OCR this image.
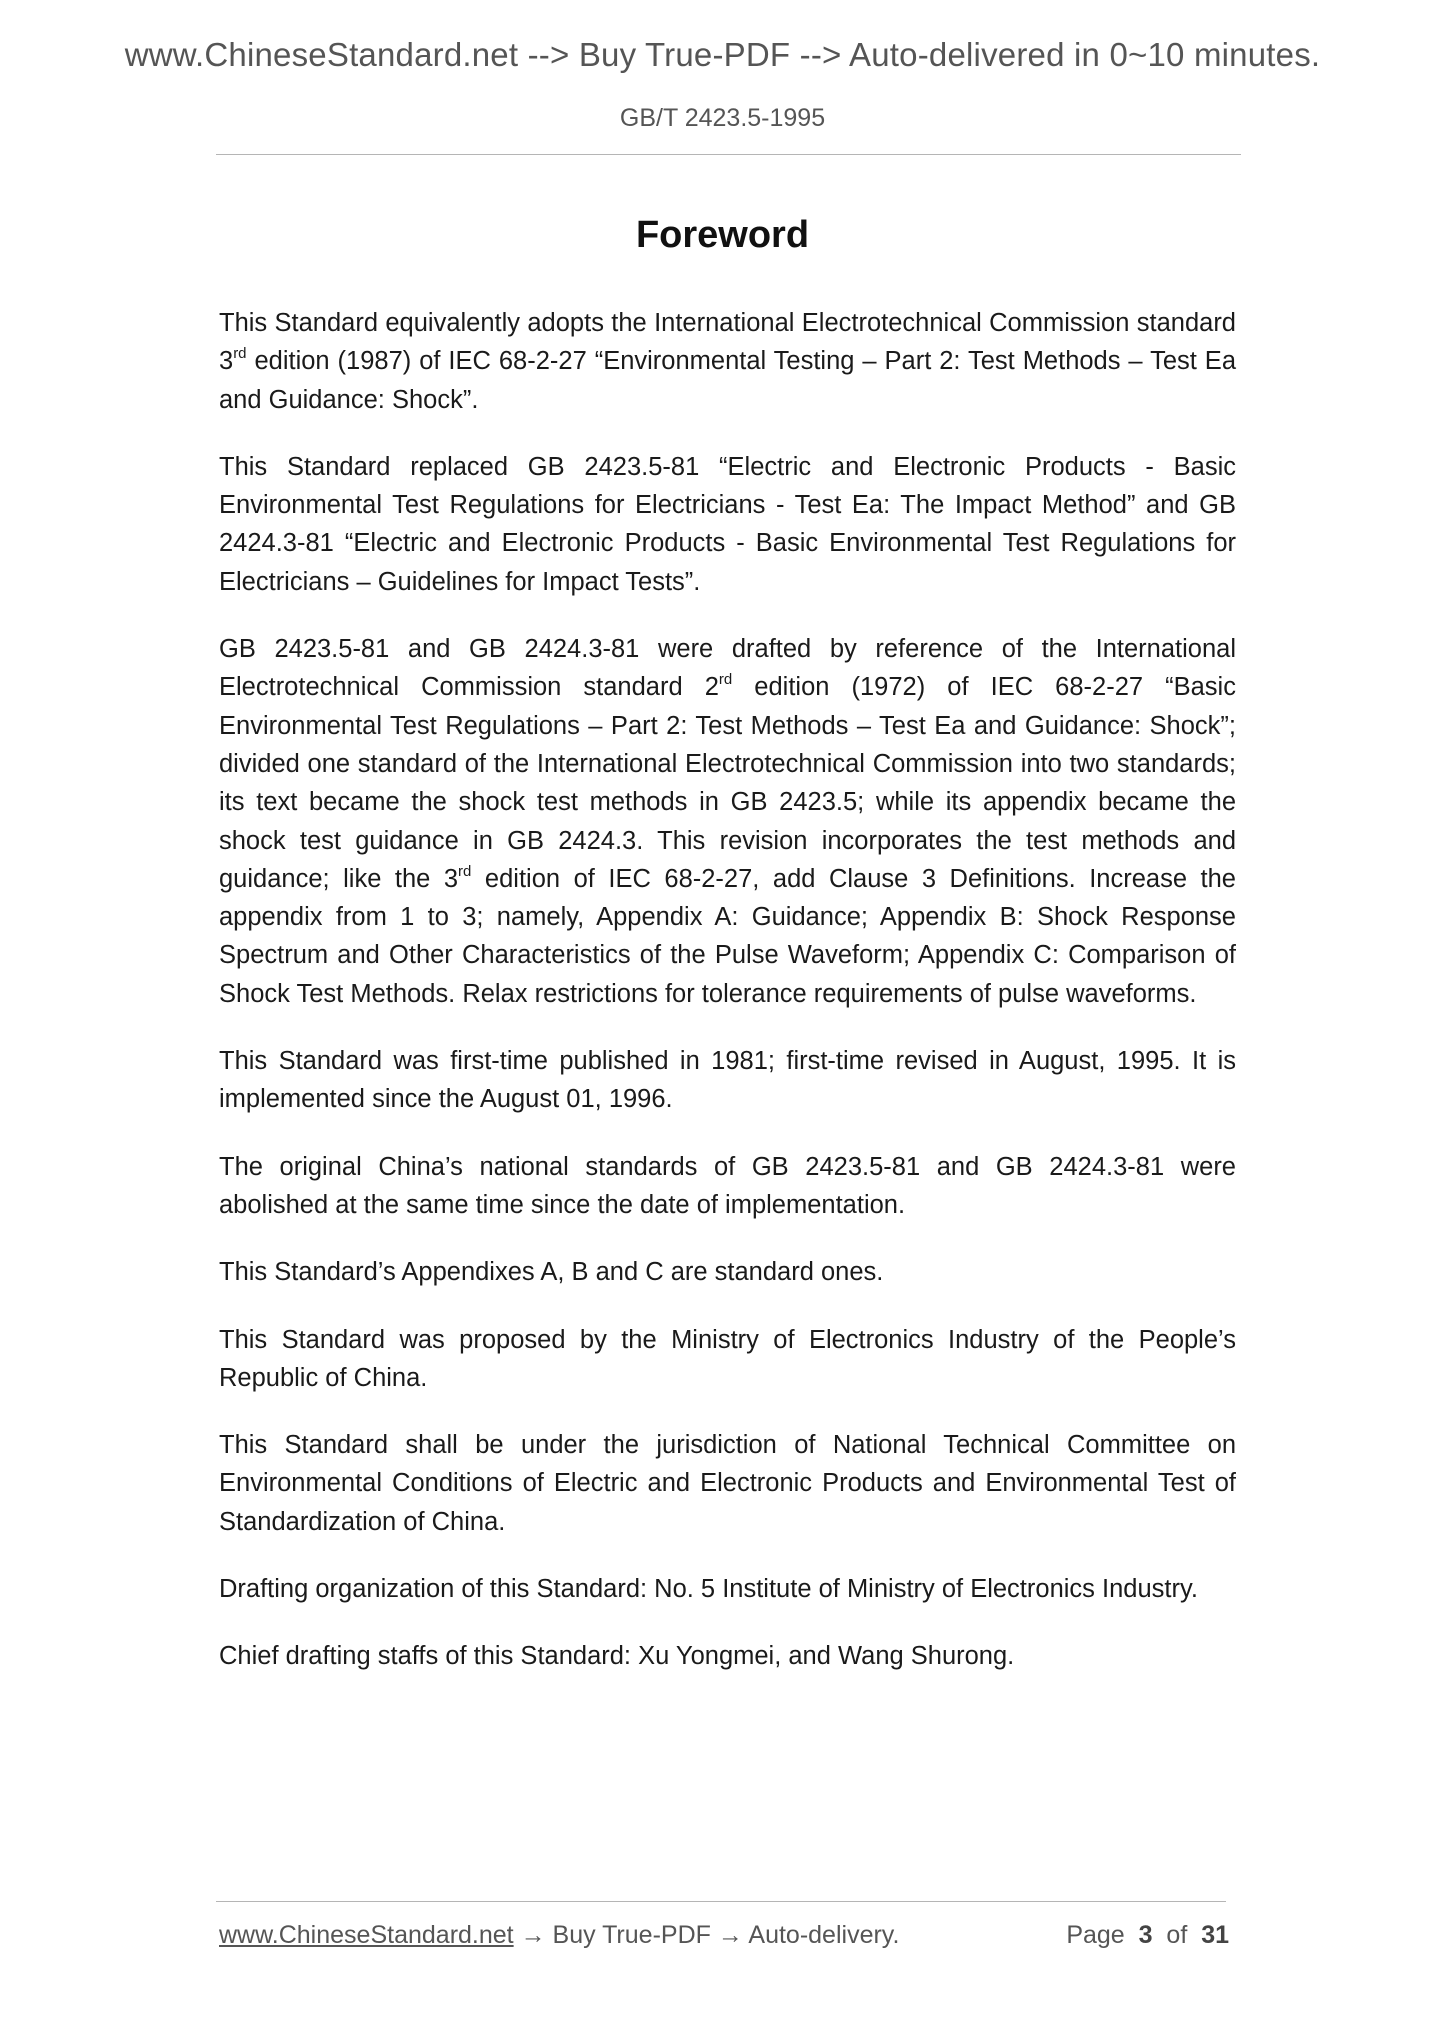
www.ChineseStandard.net --> Buy True-PDF --> Auto-delivered in 0~10 minutes.
GB/T 2423.5-1995
Foreword

This Standard equivalently adopts the International Electrotechnical Commission standard 3rd edition (1987) of IEC 68-2-27 “Environmental Testing – Part 2: Test Methods – Test Ea and Guidance: Shock”.

This Standard replaced GB 2423.5-81 “Electric and Electronic Products - Basic Environmental Test Regulations for Electricians - Test Ea: The Impact Method” and GB 2424.3-81 “Electric and Electronic Products - Basic Environmental Test Regulations for Electricians – Guidelines for Impact Tests”.

GB 2423.5-81 and GB 2424.3-81 were drafted by reference of the International Electrotechnical Commission standard 2rd edition (1972) of IEC 68-2-27 “Basic Environmental Test Regulations – Part 2: Test Methods – Test Ea and Guidance: Shock”; divided one standard of the International Electrotechnical Commission into two standards; its text became the shock test methods in GB 2423.5; while its appendix became the shock test guidance in GB 2424.3. This revision incorporates the test methods and guidance; like the 3rd edition of IEC 68-2-27, add Clause 3 Definitions. Increase the appendix from 1 to 3; namely, Appendix A: Guidance; Appendix B: Shock Response Spectrum and Other Characteristics of the Pulse Waveform; Appendix C: Comparison of Shock Test Methods. Relax restrictions for tolerance requirements of pulse waveforms.

This Standard was first-time published in 1981; first-time revised in August, 1995. It is implemented since the August 01, 1996.

The original China’s national standards of GB 2423.5-81 and GB 2424.3-81 were abolished at the same time since the date of implementation.

This Standard’s Appendixes A, B and C are standard ones.

This Standard was proposed by the Ministry of Electronics Industry of the People’s Republic of China.

This Standard shall be under the jurisdiction of National Technical Committee on Environmental Conditions of Electric and Electronic Products and Environmental Test of Standardization of China.

Drafting organization of this Standard: No. 5 Institute of Ministry of Electronics Industry.

Chief drafting staffs of this Standard: Xu Yongmei, and Wang Shurong.

www.ChineseStandard.net → Buy True-PDF → Auto-delivery.	Page 3 of 31
